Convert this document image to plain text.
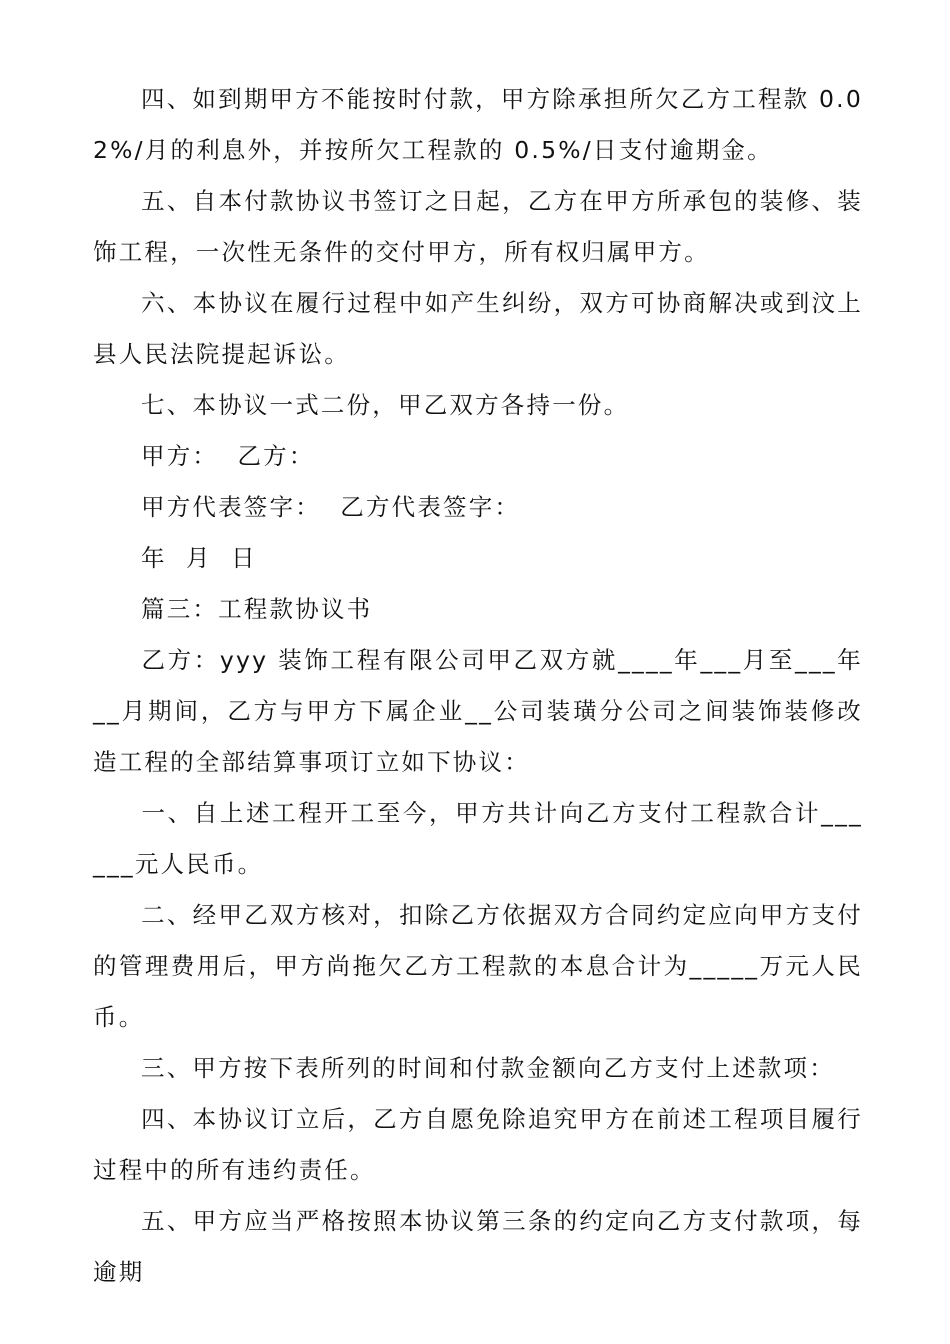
四、如到期甲方不能按时付款，甲方除承担所欠乙方工程款 0.02%/月的利息外，并按所欠工程款的 0.5%/日支付逾期金。

五、自本付款协议书签订之日起，乙方在甲方所承包的装修、装饰工程，一次性无条件的交付甲方，所有权归属甲方。

六、本协议在履行过程中如产生纠纷，双方可协商解决或到汶上县人民法院提起诉讼。

七、本协议一式二份，甲乙双方各持一份。

甲方：  乙方：

甲方代表签字：  乙方代表签字：

年  月  日

篇三：工程款协议书

乙方：yyy 装饰工程有限公司甲乙双方就____年___月至___年__月期间，乙方与甲方下属企业__公司装璜分公司之间装饰装修改造工程的全部结算事项订立如下协议：

一、自上述工程开工至今，甲方共计向乙方支付工程款合计______元人民币。

二、经甲乙双方核对，扣除乙方依据双方合同约定应向甲方支付的管理费用后，甲方尚拖欠乙方工程款的本息合计为_____万元人民币。

三、甲方按下表所列的时间和付款金额向乙方支付上述款项：

四、本协议订立后，乙方自愿免除追究甲方在前述工程项目履行过程中的所有违约责任。

五、甲方应当严格按照本协议第三条的约定向乙方支付款项，每逾期
